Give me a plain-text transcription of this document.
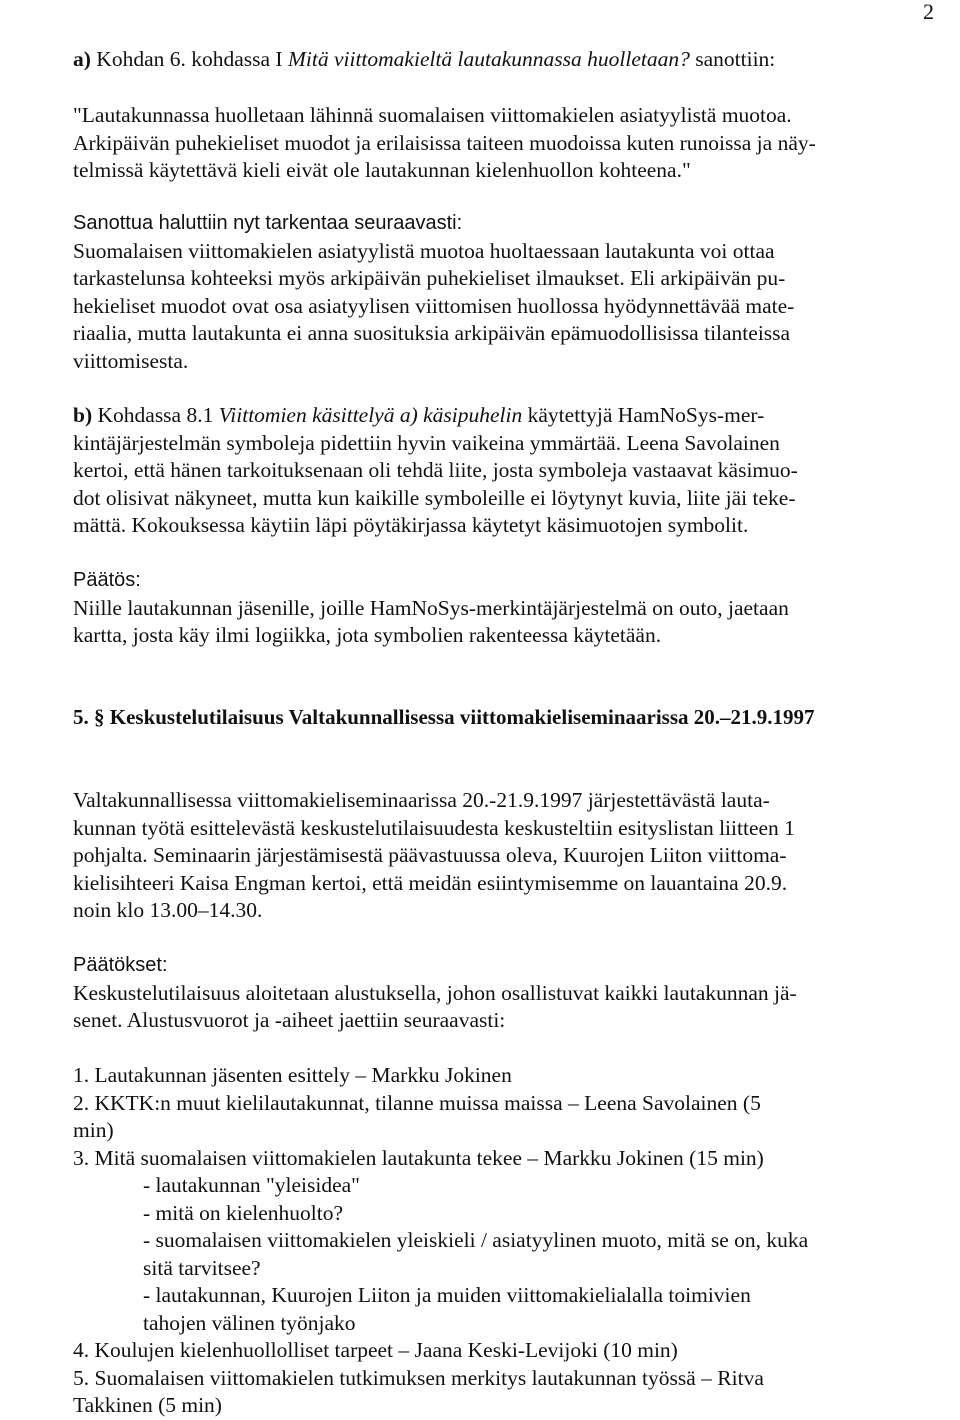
2
a) Kohdan 6. kohdassa I Mitä viittomakieltä lautakunnassa huolletaan? sanottiin:
"Lautakunnassa huolletaan lähinnä suomalaisen viittomakielen asiatyylistä muotoa.
Arkipäivän puhekieliset muodot ja erilaisissa taiteen muodoissa kuten runoissa ja näy-
telmissä käytettävä kieli eivät ole lautakunnan kielenhuollon kohteena."
Sanottua haluttiin nyt tarkentaa seuraavasti:
Suomalaisen viittomakielen asiatyylistä muotoa huoltaessaan lautakunta voi ottaa
tarkastelunsa kohteeksi myös arkipäivän puhekieliset ilmaukset. Eli arkipäivän pu-
hekieliset muodot ovat osa asiatyylisen viittomisen huollossa hyödynnettävää mate-
riaalia, mutta lautakunta ei anna suosituksia arkipäivän epämuodollisissa tilanteissa
viittomisesta.
b) Kohdassa 8.1 Viittomien käsittelyä a) käsipuhelin käytettyjä HamNoSys-mer-
kintäjärjestelmän symboleja pidettiin hyvin vaikeina ymmärtää. Leena Savolainen
kertoi, että hänen tarkoituksenaan oli tehdä liite, josta symboleja vastaavat käsimuo-
dot olisivat näkyneet, mutta kun kaikille symboleille ei löytynyt kuvia, liite jäi teke-
mättä. Kokouksessa käytiin läpi pöytäkirjassa käytetyt käsimuotojen symbolit.
Päätös:
Niille lautakunnan jäsenille, joille HamNoSys-merkintäjärjestelmä on outo, jaetaan
kartta, josta käy ilmi logiikka, jota symbolien rakenteessa käytetään.
5. § Keskustelutilaisuus Valtakunnallisessa viittomakieliseminaarissa 20.–21.9.1997
Valtakunnallisessa viittomakieliseminaarissa 20.-21.9.1997 järjestettävästä lauta-
kunnan työtä esittelevästä keskustelutilaisuudesta keskusteltiin esityslistan liitteen 1
pohjalta. Seminaarin järjestämisestä päävastuussa oleva, Kuurojen Liiton viittoma-
kielisihteeri Kaisa Engman kertoi, että meidän esiintymisemme on lauantaina 20.9.
noin klo 13.00–14.30.
Päätökset:
Keskustelutilaisuus aloitetaan alustuksella, johon osallistuvat kaikki lautakunnan jä-
senet. Alustusvuorot ja -aiheet jaettiin seuraavasti:
1. Lautakunnan jäsenten esittely – Markku Jokinen
2. KKTK:n muut kielilautakunnat, tilanne muissa maissa – Leena Savolainen (5
min)
3. Mitä suomalaisen viittomakielen lautakunta tekee – Markku Jokinen (15 min)
- lautakunnan "yleisidea"
- mitä on kielenhuolto?
- suomalaisen viittomakielen yleiskieli / asiatyylinen muoto, mitä se on, kuka
sitä tarvitsee?
- lautakunnan, Kuurojen Liiton ja muiden viittomakielialalla toimivien
tahojen välinen työnjako
4. Koulujen kielenhuollolliset tarpeet – Jaana Keski-Levijoki (10 min)
5. Suomalaisen viittomakielen tutkimuksen merkitys lautakunnan työssä – Ritva
Takkinen (5 min)
